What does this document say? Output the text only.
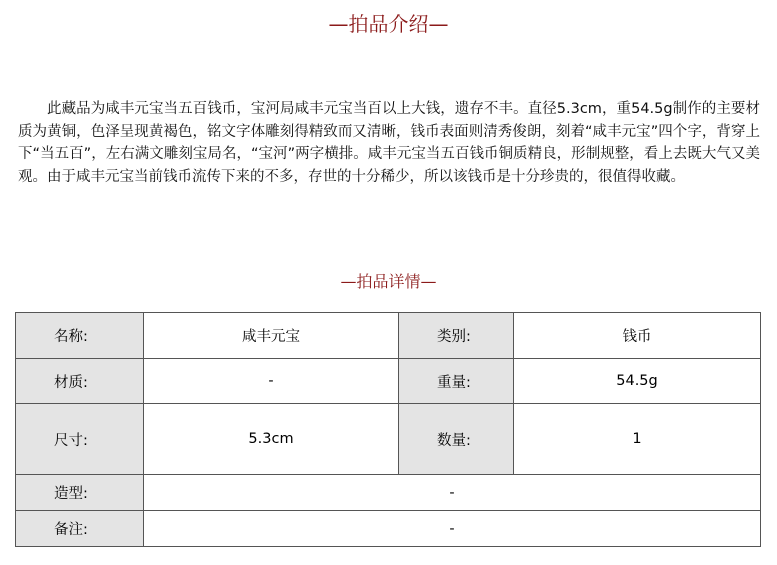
—拍品介绍—

此藏品为咸丰元宝当五百钱币，宝河局咸丰元宝当百以上大钱，遗存不丰。直径5.3cm，重54.5g制作的主要材质为黄铜，色泽呈现黄褐色，铭文字体雕刻得精致而又清晰，钱币表面则清秀俊朗，刻着“咸丰元宝”四个字，背穿上下“当五百”，左右满文雕刻宝局名，“宝河”两字横排。咸丰元宝当五百钱币铜质精良，形制规整，看上去既大气又美观。由于咸丰元宝当前钱币流传下来的不多，存世的十分稀少，所以该钱币是十分珍贵的，很值得收藏。

—拍品详情—
名称:	咸丰元宝	类别:	钱币
材质:	-	重量:	54.5g
尺寸:	5.3cm	数量:	1
造型:	-		
备注:	-		
